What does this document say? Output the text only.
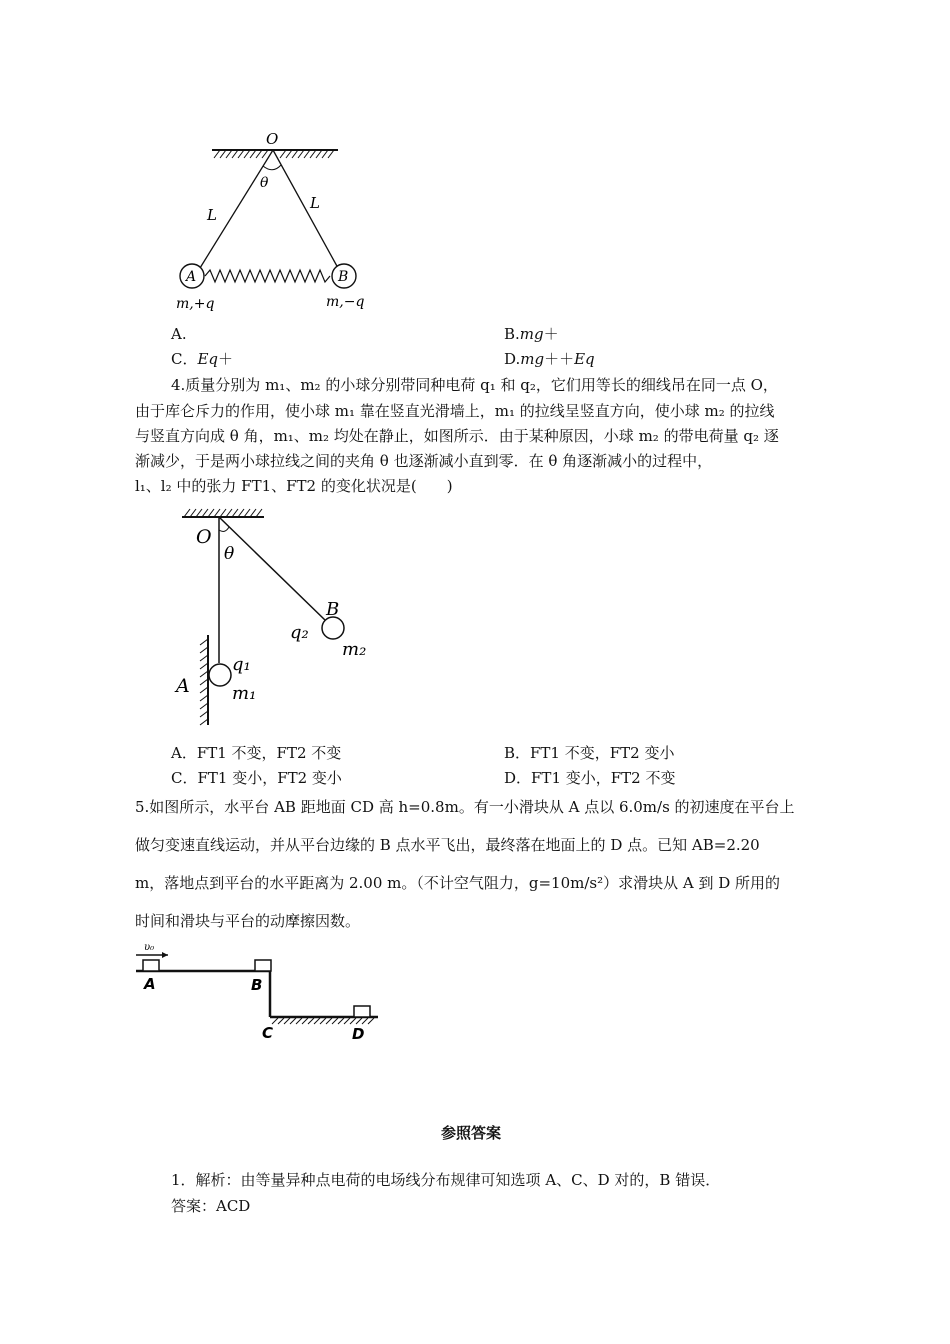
O
θ
L
L
A	B
m,+q	m,−q
A.	B.mg＋
C．Eq＋	D.mg＋＋Eq
4.质量分别为 m₁、m₂ 的小球分别带同种电荷 q₁ 和 q₂，它们用等长的细线吊在同一点 O，
由于库仑斥力的作用，使小球 m₁ 靠在竖直光滑墙上，m₁ 的拉线呈竖直方向，使小球 m₂ 的拉线
与竖直方向成 θ 角，m₁、m₂ 均处在静止，如图所示．由于某种原因，小球 m₂ 的带电荷量 q₂ 逐
渐减少，于是两小球拉线之间的夹角 θ 也逐渐减小直到零．在 θ 角逐渐减小的过程中，
l₁、l₂ 中的张力 FT1、FT2 的变化状况是(　　)
O
θ
B
q₂
m₂
q₁
A m₁
A．FT1 不变，FT2 不变	B．FT1 不变，FT2 变小
C．FT1 变小，FT2 变小	D．FT1 变小，FT2 不变
5.如图所示，水平台 AB 距地面 CD 高 h=0.8m。有一小滑块从 A 点以 6.0m/s 的初速度在平台上
做匀变速直线运动，并从平台边缘的 B 点水平飞出，最终落在地面上的 D 点。已知 AB=2.20
m，落地点到平台的水平距离为 2.00 m。（不计空气阻力，g=10m/s²）求滑块从 A 到 D 所用的
时间和滑块与平台的动摩擦因数。
υ₀
A	B
C	D
参照答案
1．解析：由等量异种点电荷的电场线分布规律可知选项 A、C、D 对的，B 错误．
答案：ACD
